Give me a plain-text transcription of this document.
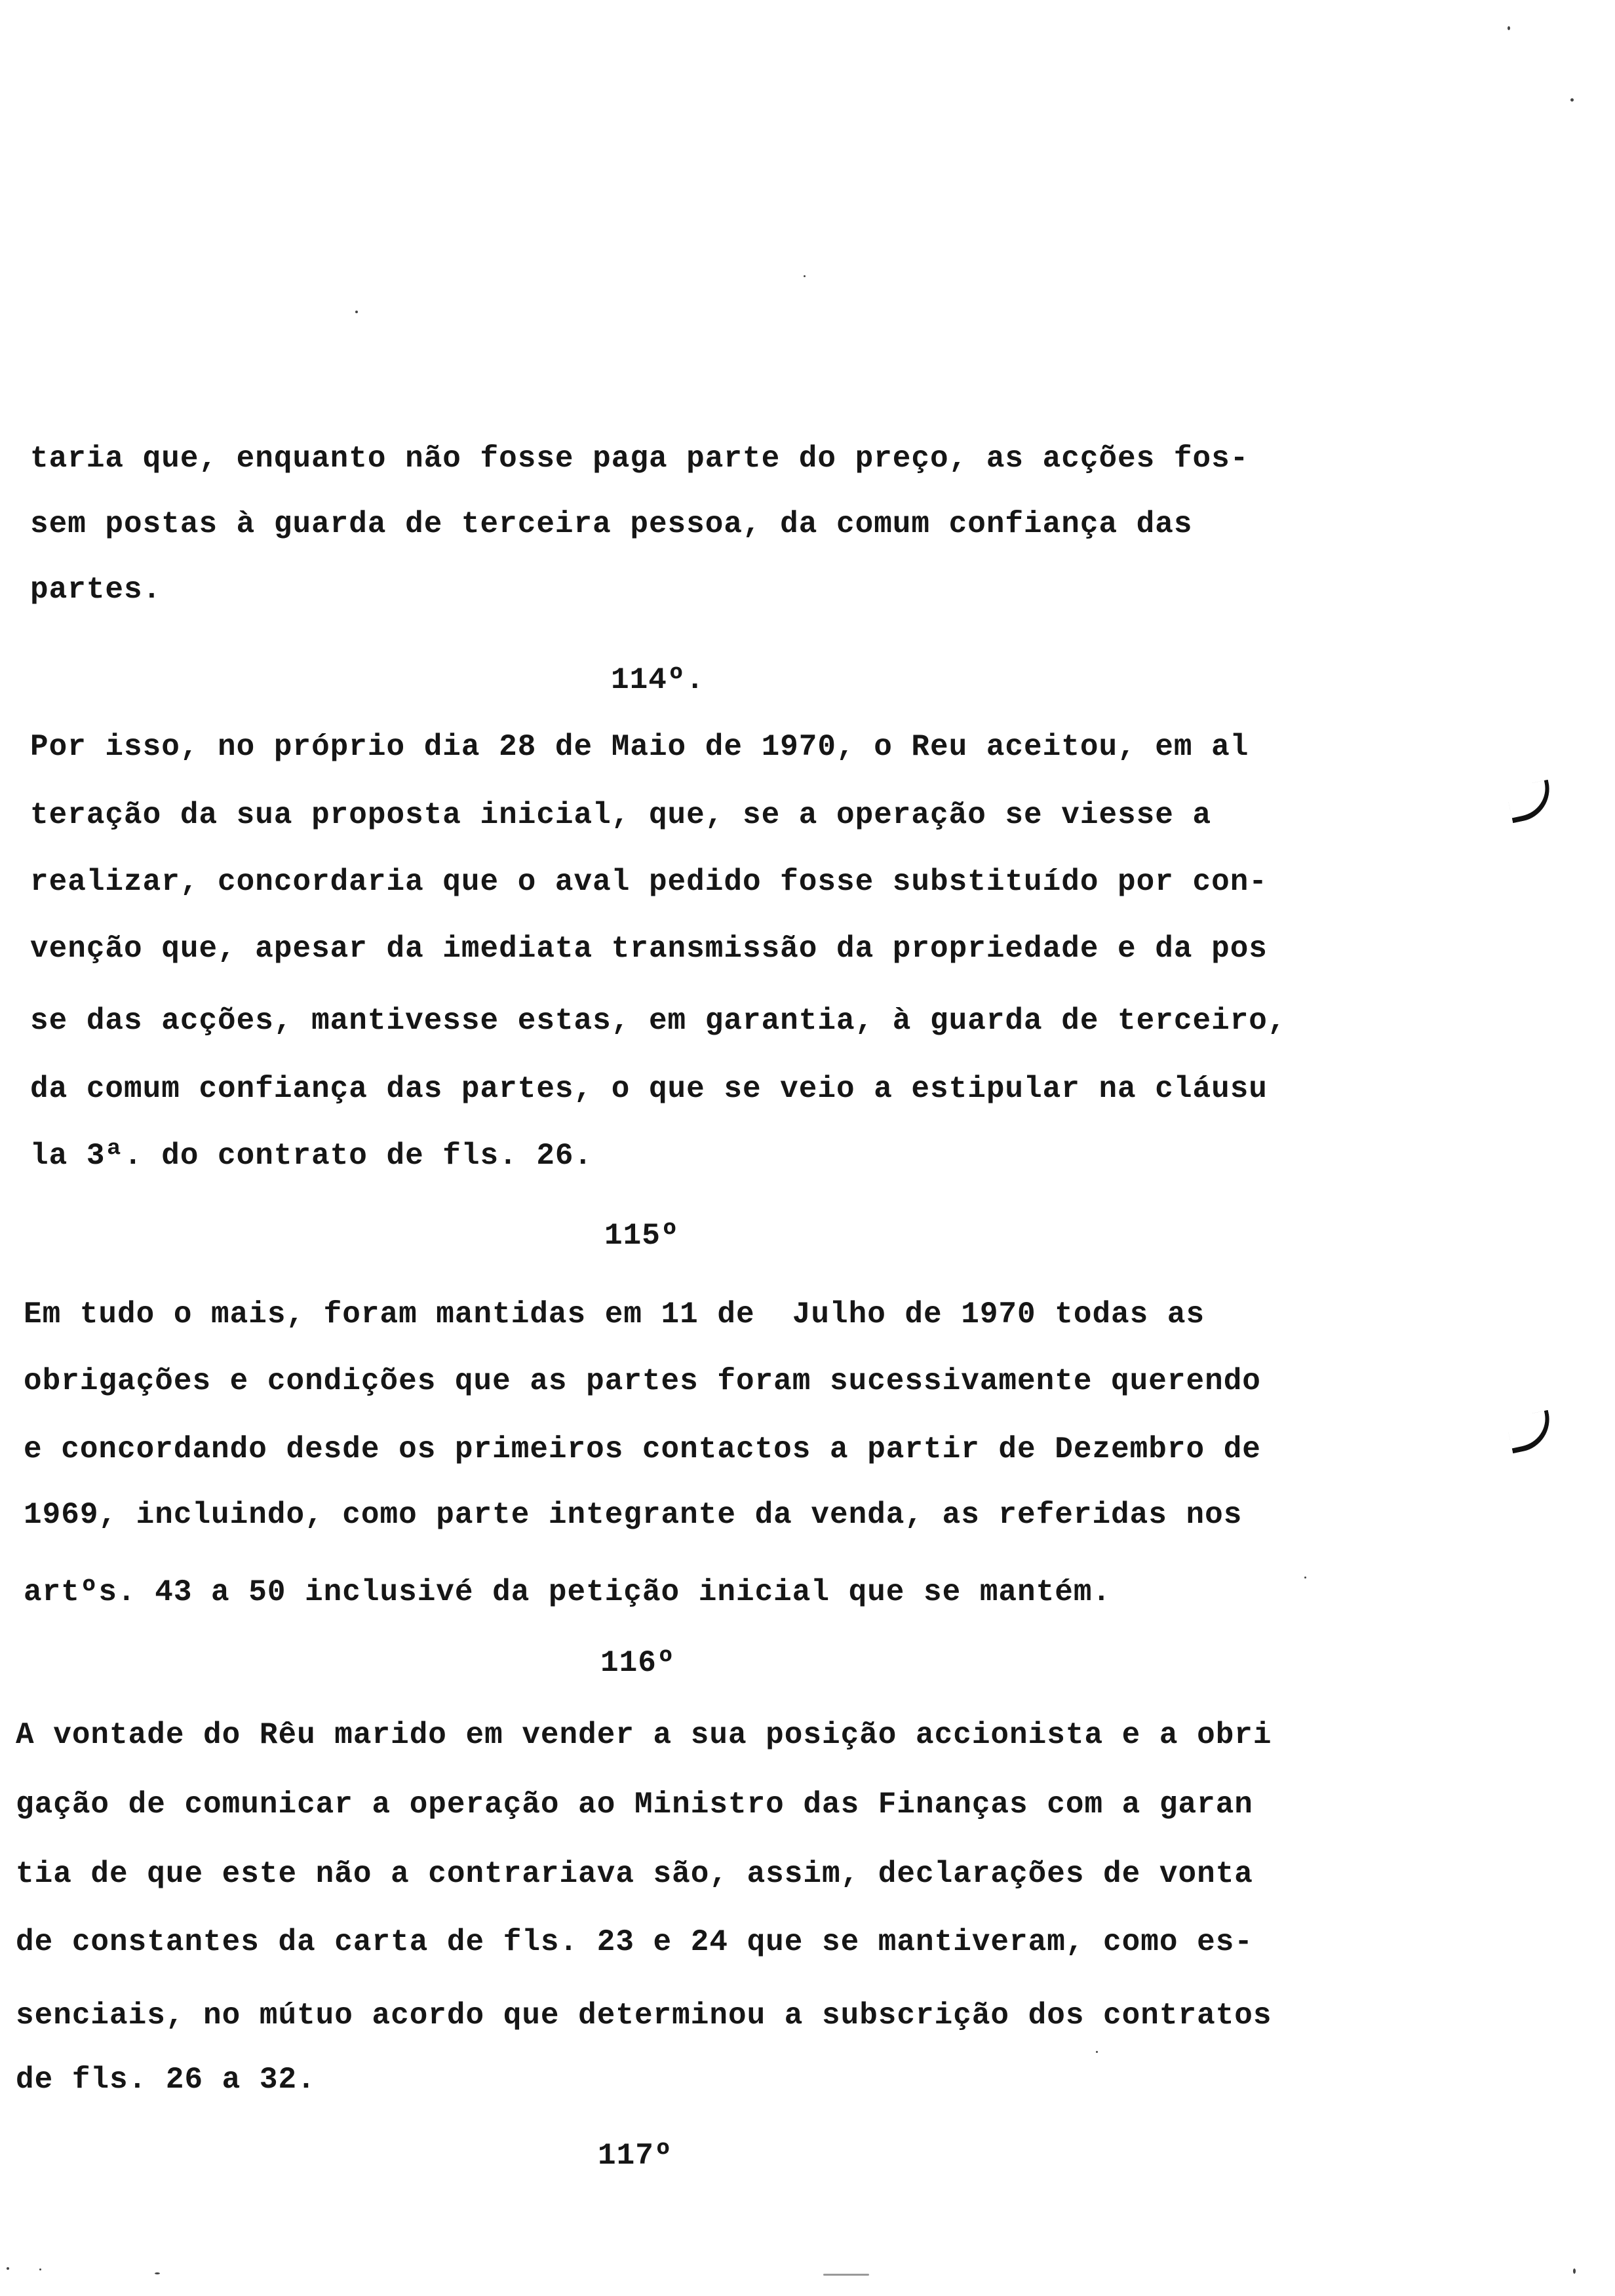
taria que, enquanto não fosse paga parte do preço, as acções fos-
sem postas à guarda de terceira pessoa, da comum confiança das
partes.
114º.
Por isso, no próprio dia 28 de Maio de 1970, o Reu aceitou, em al
teração da sua proposta inicial, que, se a operação se viesse a
realizar, concordaria que o aval pedido fosse substituído por con-
venção que, apesar da imediata transmissão da propriedade e da pos
se das acções, mantivesse estas, em garantia, à guarda de terceiro,
da comum confiança das partes, o que se veio a estipular na cláusu
la 3ª. do contrato de fls. 26.
115º
Em tudo o mais, foram mantidas em 11 de  Julho de 1970 todas as
obrigações e condições que as partes foram sucessivamente querendo
e concordando desde os primeiros contactos a partir de Dezembro de
1969, incluindo, como parte integrante da venda, as referidas nos
artºs. 43 a 50 inclusivé da petição inicial que se mantém.
116º
A vontade do Rêu marido em vender a sua posição accionista e a obri
gação de comunicar a operação ao Ministro das Finanças com a garan
tia de que este não a contrariava são, assim, declarações de vonta
de constantes da carta de fls. 23 e 24 que se mantiveram, como es-
senciais, no mútuo acordo que determinou a subscrição dos contratos
de fls. 26 a 32.
117º
